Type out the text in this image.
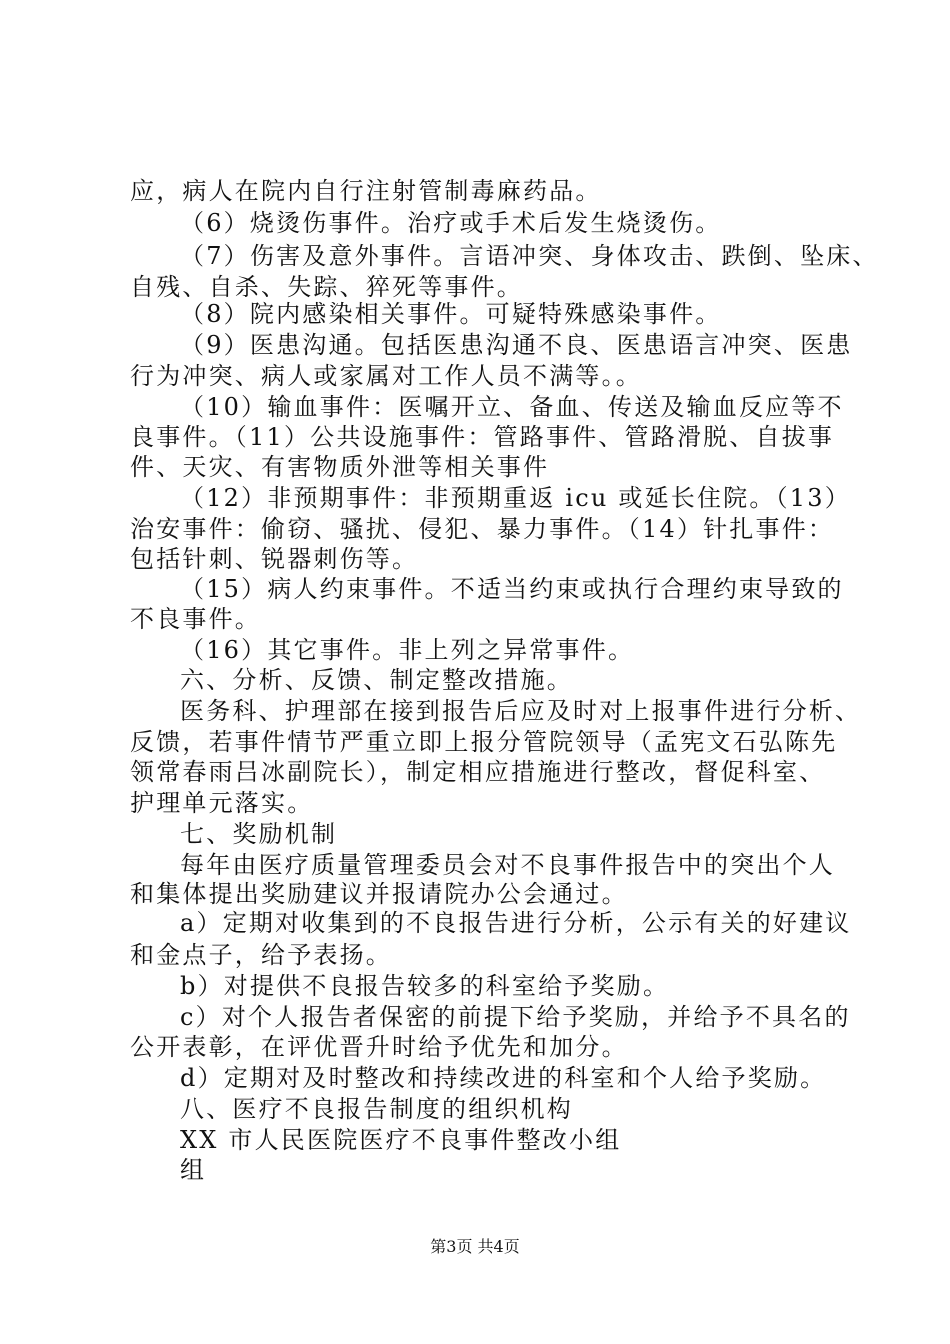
应，病人在院内自行注射管制毒麻药品。
（6）烧烫伤事件。治疗或手术后发生烧烫伤。
（7）伤害及意外事件。言语冲突、身体攻击、跌倒、坠床、
自残、自杀、失踪、猝死等事件。
（8）院内感染相关事件。可疑特殊感染事件。
（9）医患沟通。包括医患沟通不良、医患语言冲突、医患
行为冲突、病人或家属对工作人员不满等。。
（10）输血事件：医嘱开立、备血、传送及输血反应等不
良事件。（11）公共设施事件：管路事件、管路滑脱、自拔事
件、天灾、有害物质外泄等相关事件
（12）非预期事件：非预期重返 icu 或延长住院。（13）
治安事件：偷窃、骚扰、侵犯、暴力事件。（14）针扎事件：
包括针刺、锐器刺伤等。
（15）病人约束事件。不适当约束或执行合理约束导致的
不良事件。
（16）其它事件。非上列之异常事件。
六、分析、反馈、制定整改措施。
医务科、护理部在接到报告后应及时对上报事件进行分析、
反馈，若事件情节严重立即上报分管院领导（孟宪文石弘陈先
领常春雨吕冰副院长），制定相应措施进行整改，督促科室、
护理单元落实。
七、奖励机制
每年由医疗质量管理委员会对不良事件报告中的突出个人
和集体提出奖励建议并报请院办公会通过。
a）定期对收集到的不良报告进行分析，公示有关的好建议
和金点子，给予表扬。
b）对提供不良报告较多的科室给予奖励。
c）对个人报告者保密的前提下给予奖励，并给予不具名的
公开表彰，在评优晋升时给予优先和加分。
d）定期对及时整改和持续改进的科室和个人给予奖励。
八、医疗不良报告制度的组织机构
XX 市人民医院医疗不良事件整改小组
组
第3页 共4页
